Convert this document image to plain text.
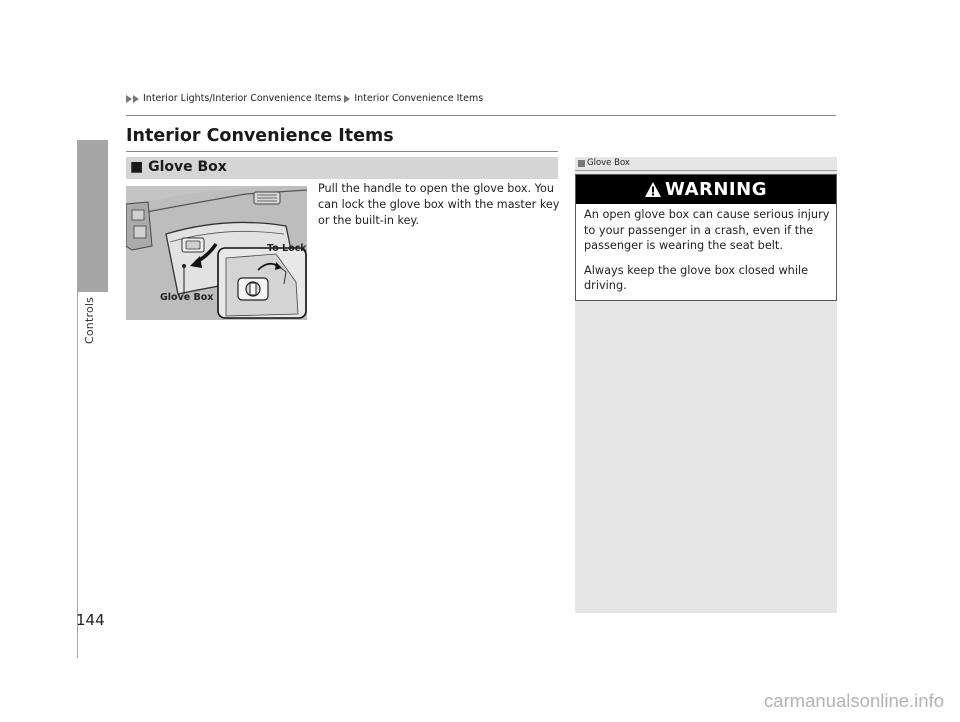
Controls
144
Interior Lights/Interior Convenience Items Interior Convenience Items
Interior Convenience Items
■ Glove Box
Glove Box
To Lock
Pull the handle to open the glove box. You can lock the glove box with the master key or the built-in key.
Glove Box
WARNING

An open glove box can cause serious injury to your passenger in a crash, even if the passenger is wearing the seat belt.

Always keep the glove box closed while driving.

carmanualsonline.info
